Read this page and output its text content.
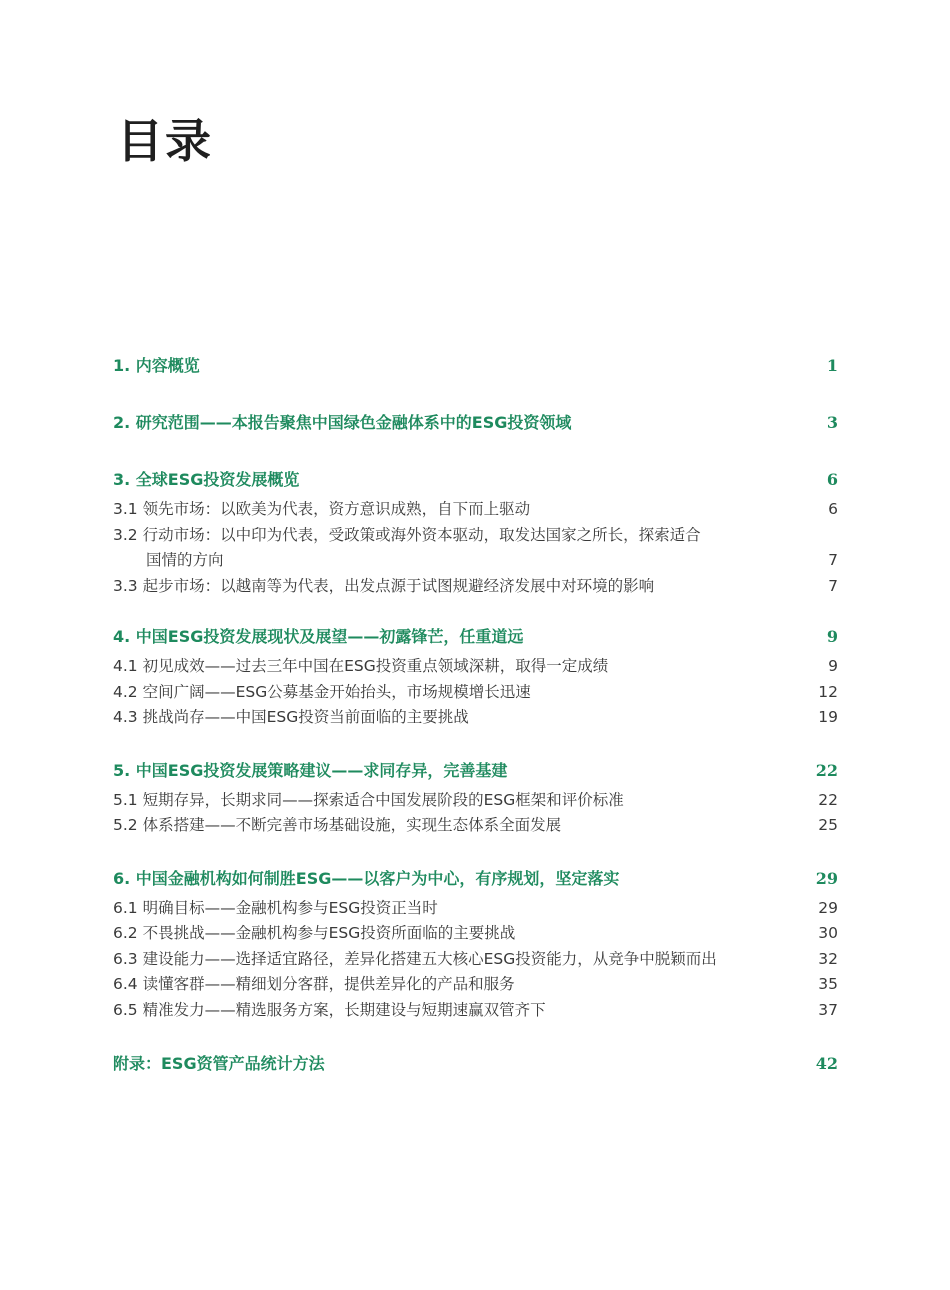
目录
1. 内容概览	1
2. 研究范围——本报告聚焦中国绿色金融体系中的ESG投资领域	3
3. 全球ESG投资发展概览	6
3.1 领先市场：以欧美为代表，资方意识成熟，自下而上驱动	6
3.2 行动市场：以中印为代表，受政策或海外资本驱动，取发达国家之所长，探索适合
国情的方向	7
3.3 起步市场：以越南等为代表，出发点源于试图规避经济发展中对环境的影响	7
4. 中国ESG投资发展现状及展望——初露锋芒，任重道远	9
4.1 初见成效——过去三年中国在ESG投资重点领域深耕，取得一定成绩	9
4.2 空间广阔——ESG公募基金开始抬头，市场规模增长迅速	12
4.3 挑战尚存——中国ESG投资当前面临的主要挑战	19
5. 中国ESG投资发展策略建议——求同存异，完善基建	22
5.1 短期存异，长期求同——探索适合中国发展阶段的ESG框架和评价标准	22
5.2 体系搭建——不断完善市场基础设施，实现生态体系全面发展	25
6. 中国金融机构如何制胜ESG——以客户为中心，有序规划，坚定落实	29
6.1 明确目标——金融机构参与ESG投资正当时	29
6.2 不畏挑战——金融机构参与ESG投资所面临的主要挑战	30
6.3 建设能力——选择适宜路径，差异化搭建五大核心ESG投资能力，从竞争中脱颖而出	32
6.4 读懂客群——精细划分客群，提供差异化的产品和服务	35
6.5 精准发力——精选服务方案，长期建设与短期速赢双管齐下	37
附录：ESG资管产品统计方法	42
